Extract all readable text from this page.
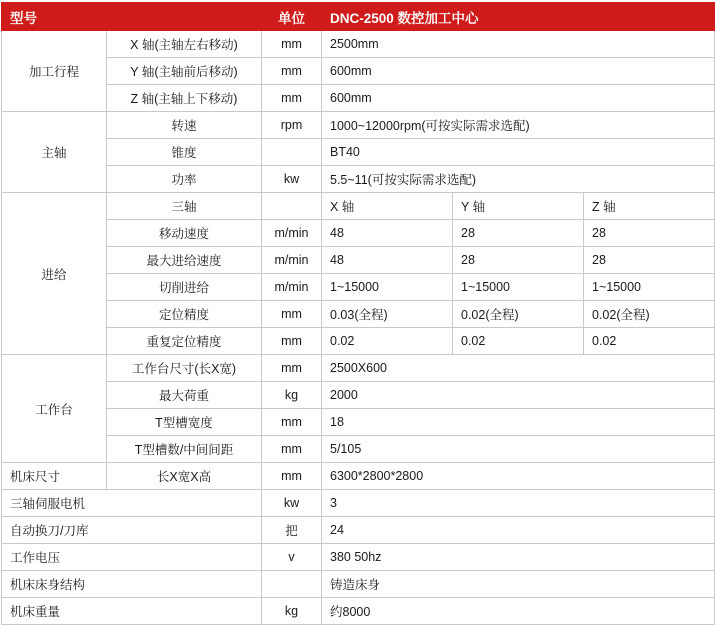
型号		单位	DNC-2500 数控加工中心		
加工行程	X 轴(主轴左右移动)	mm	2500mm		
	Y 轴(主轴前后移动)	mm	600mm		
	Z 轴(主轴上下移动)	mm	600mm		
主轴	转速	rpm	1000~12000rpm(可按实际需求选配)		
	锥度		BT40		
	功率	kw	5.5~11(可按实际需求选配)		
进给	三轴		X 轴	Y 轴	Z 轴
	移动速度	m/min	48	28	28
	最大进给速度	m/min	48	28	28
	切削进给	m/min	1~15000	1~15000	1~15000
	定位精度	mm	0.03(全程)	0.02(全程)	0.02(全程)
	重复定位精度	mm	0.02	0.02	0.02
工作台	工作台尺寸(长X宽)	mm	2500X600		
	最大荷重	kg	2000		
	T型槽宽度	mm	18		
	T型槽数/中间间距	mm	5/105		
机床尺寸	长X宽X高	mm	6300*2800*2800		
三轴伺服电机		kw	3		
自动换刀/刀库		把	24		
工作电压		v	380 50hz		
机床床身结构			铸造床身		
机床重量		kg	约8000		
